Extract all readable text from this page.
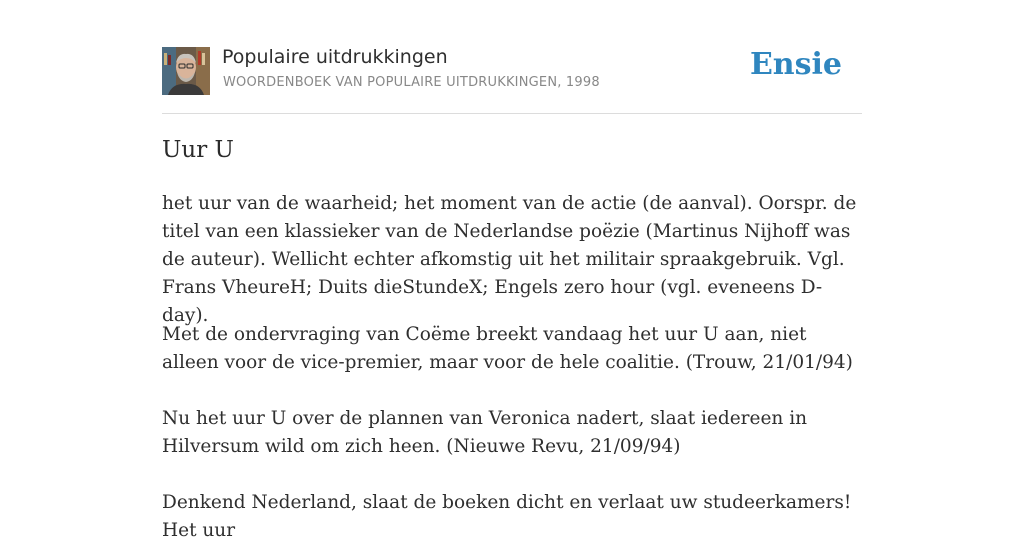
Populaire uitdrukkingen
WOORDENBOEK VAN POPULAIRE UITDRUKKINGEN, 1998
Ensie
Uur U

het uur van de waarheid; het moment van de actie (de aanval). Oorspr. de titel van een klassieker van de Nederlandse poëzie (Martinus Nijhoff was de auteur). Wellicht echter afkomstig uit het militair spraakgebruik. Vgl. Frans VheureH; Duits dieStundeX; Engels zero hour (vgl. eveneens D-day).

Met de ondervraging van Coëme breekt vandaag het uur U aan, niet alleen voor de vice-premier, maar voor de hele coalitie. (Trouw, 21/01/94)

Nu het uur U over de plannen van Veronica nadert, slaat iedereen in Hilversum wild om zich heen. (Nieuwe Revu, 21/09/94)

Denkend Nederland, slaat de boeken dicht en verlaat uw studeerkamers! Het uur
